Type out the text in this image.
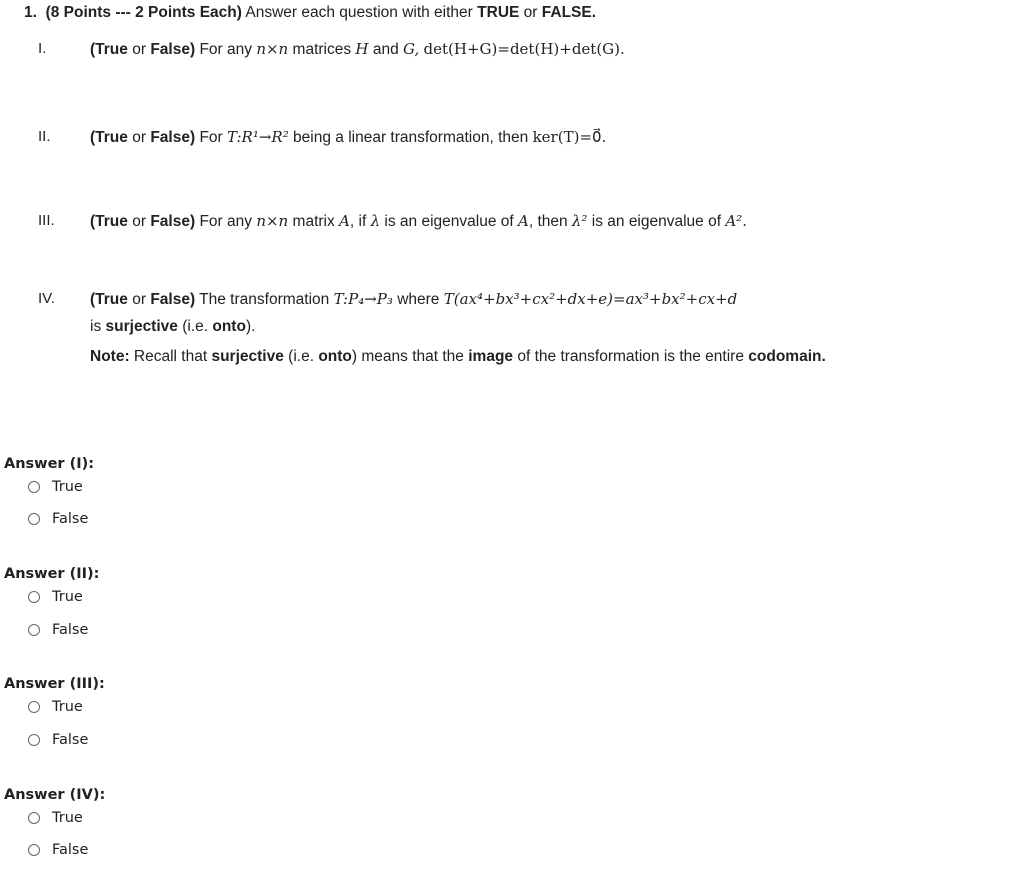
1. (8 Points --- 2 Points Each) Answer each question with either TRUE or FALSE.
I.	(True or False) For any n×n matrices H and G, det(H+G)=det(H)+det(G).
II.	(True or False) For T:R¹→R² being a linear transformation, then ker(T)=0⃗.
III. (True or False) For any n×n matrix A, if λ is an eigenvalue of A, then λ² is an eigenvalue of A².
IV. (True or False) The transformation T:P₄→P₃ where T(ax⁴+bx³+cx²+dx+e)=ax³+bx²+cx+d
is surjective (i.e. onto).
Note: Recall that surjective (i.e. onto) means that the image of the transformation is the entire codomain.
Answer (I):
True
False
Answer (II):
True
False
Answer (III):
True
False
Answer (IV):
True
False
